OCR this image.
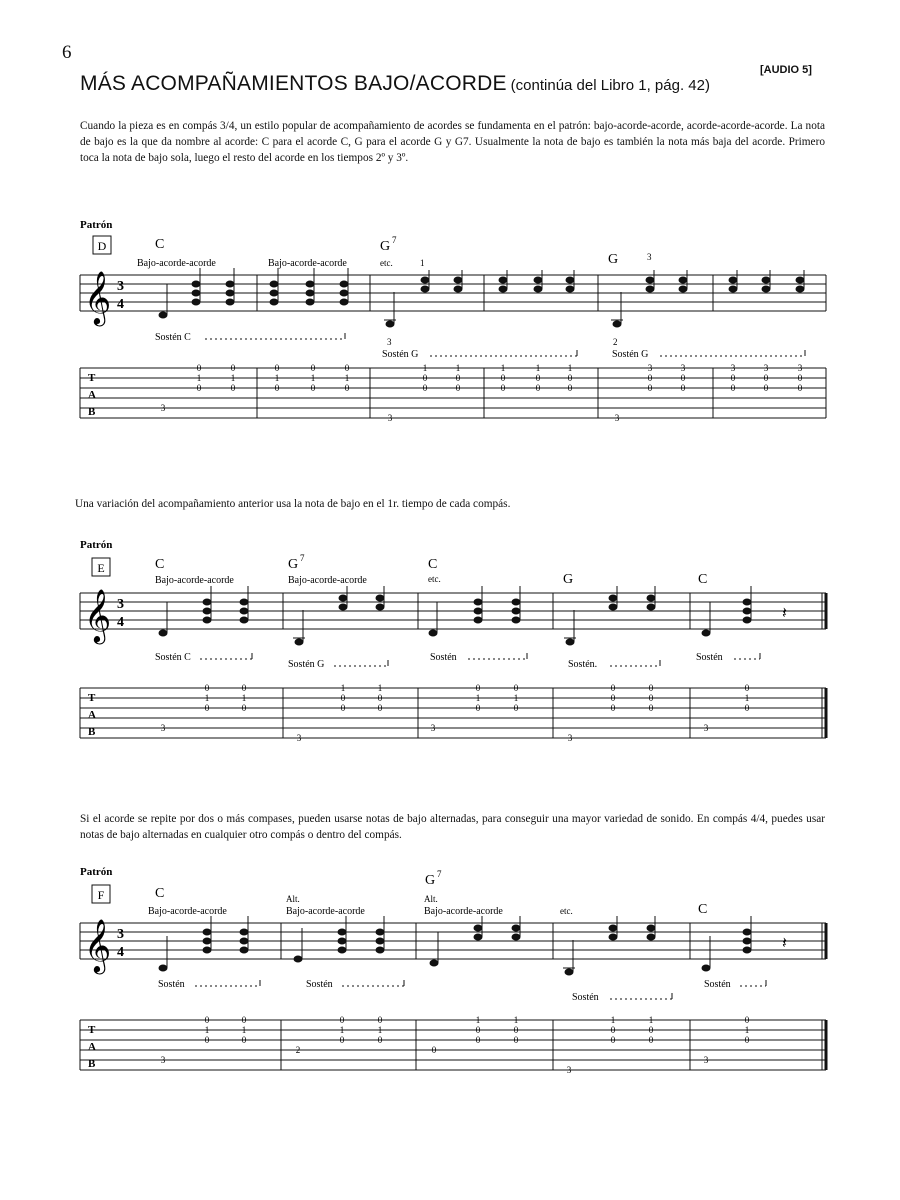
6
MÁS ACOMPAÑAMIENTOS BAJO/ACORDE (continúa del Libro 1, pág. 42)
[AUDIO 5]
Cuando la pieza es en compás 3/4, un estilo popular de acompañamiento de acordes se fundamenta en el patrón: bajo-acorde-acorde, acorde-acorde-acorde. La nota de bajo es la que da nombre al acorde: C para el acorde C, G para el acorde G y G7. Usualmente la nota de bajo es también la nota más baja del acorde. Primero toca la nota de bajo sola, luego el resto del acorde en los tiempos 2º y 3º.
Una variación del acompañamiento anterior usa la nota de bajo en el 1r. tiempo de cada compás.
Si el acorde se repite por dos o más compases, pueden usarse notas de bajo alternadas, para conseguir una mayor variedad de sonido. En compás 4/4, puedes usar notas de bajo alternadas en cualquier otro compás o dentro del compás.
Patrón
D	C	G 7
G
Bajo-acorde-acorde	Bajo-acorde-acorde	etc.	1
3
𝄞 3
4
3	2
Sostén C
Sostén G	Sostén G
T
A
B	3
0
1
0
0
1
0
0
1
0
0
1
0
0
1
0
3
1
0
0
1
0
0
1
0
0
1
0
0
1
0
0
3
3
0
0
3
0
0
3
0
0
3
0
0
3
0
0
Patrón
E	C	G 7	C
G	C
Bajo-acorde-acorde	Bajo-acorde-acorde	etc.
𝄞 3
4
𝄽
Sostén C
Sostén G
Sostén
Sostén.
Sostén
T
A
B	3
0
1
0
0
1
0
3
1
0
0
1
0
0
3
0
1
0
0
1
0
3
0
0
0
0
0
0
3
0
1
0
Patrón
F	C
G 7
C
Bajo-acorde-acorde
Alt.
Bajo-acorde-acorde
Alt.
Bajo-acorde-acorde	etc.
𝄞 3
4
𝄽
Sostén	Sostén
Sostén
Sostén
T
A
B	3
0
1
0
0
1
0
2
0
1
0
0
1
0
0
1
0
0
1
0
0
3
1
0
0
1
0
0
3
0
1
0
